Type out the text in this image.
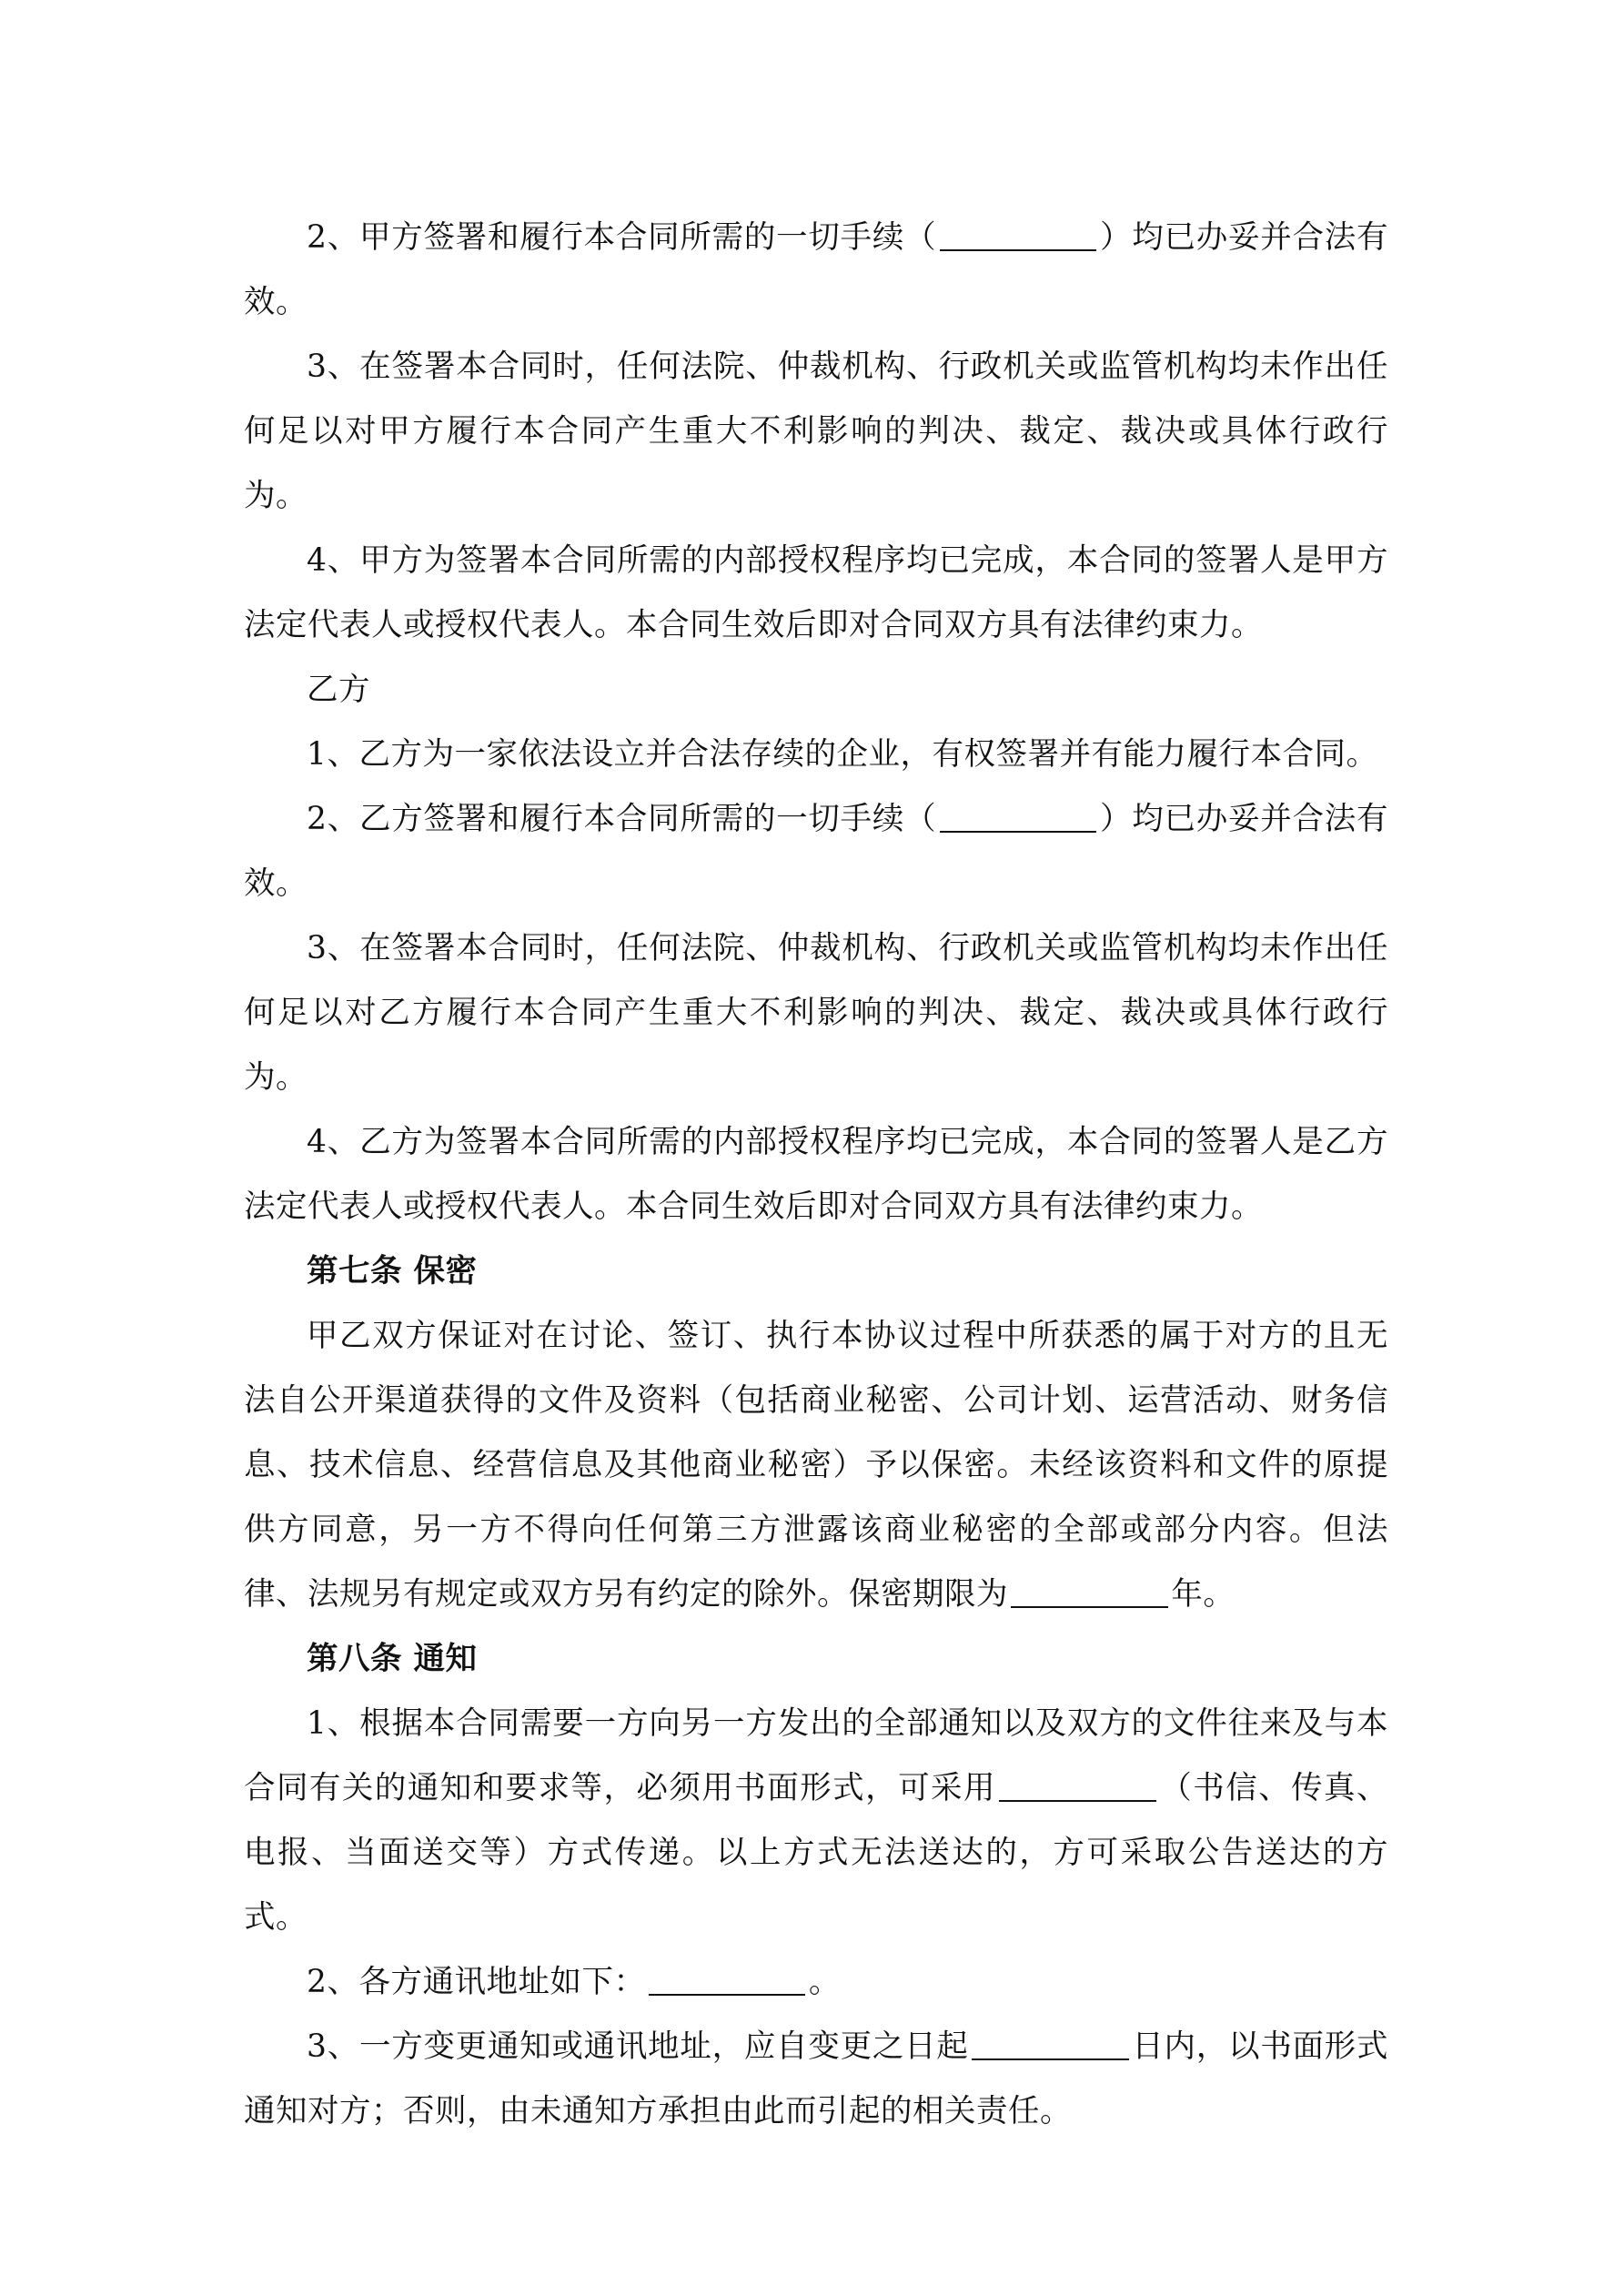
2、甲方签署和履行本合同所需的一切手续（	）均已办妥并合法有效。

3、在签署本合同时，任何法院、仲裁机构、行政机关或监管机构均未作出任何足以对甲方履行本合同产生重大不利影响的判决、裁定、裁决或具体行政行为。

4、甲方为签署本合同所需的内部授权程序均已完成，本合同的签署人是甲方法定代表人或授权代表人。本合同生效后即对合同双方具有法律约束力。

乙方

1、乙方为一家依法设立并合法存续的企业，有权签署并有能力履行本合同。

2、乙方签署和履行本合同所需的一切手续（	）均已办妥并合法有效。

3、在签署本合同时，任何法院、仲裁机构、行政机关或监管机构均未作出任何足以对乙方履行本合同产生重大不利影响的判决、裁定、裁决或具体行政行为。

4、乙方为签署本合同所需的内部授权程序均已完成，本合同的签署人是乙方法定代表人或授权代表人。本合同生效后即对合同双方具有法律约束力。

第七条 保密

甲乙双方保证对在讨论、签订、执行本协议过程中所获悉的属于对方的且无法自公开渠道获得的文件及资料（包括商业秘密、公司计划、运营活动、财务信息、技术信息、经营信息及其他商业秘密）予以保密。未经该资料和文件的原提供方同意，另一方不得向任何第三方泄露该商业秘密的全部或部分内容。但法律、法规另有规定或双方另有约定的除外。保密期限为	年。

第八条 通知

1、根据本合同需要一方向另一方发出的全部通知以及双方的文件往来及与本合同有关的通知和要求等，必须用书面形式，可采用	（书信、传真、电报、当面送交等）方式传递。以上方式无法送达的，方可采取公告送达的方式。

2、各方通讯地址如下：	。

3、一方变更通知或通讯地址，应自变更之日起	日内，以书面形式通知对方；否则，由未通知方承担由此而引起的相关责任。
